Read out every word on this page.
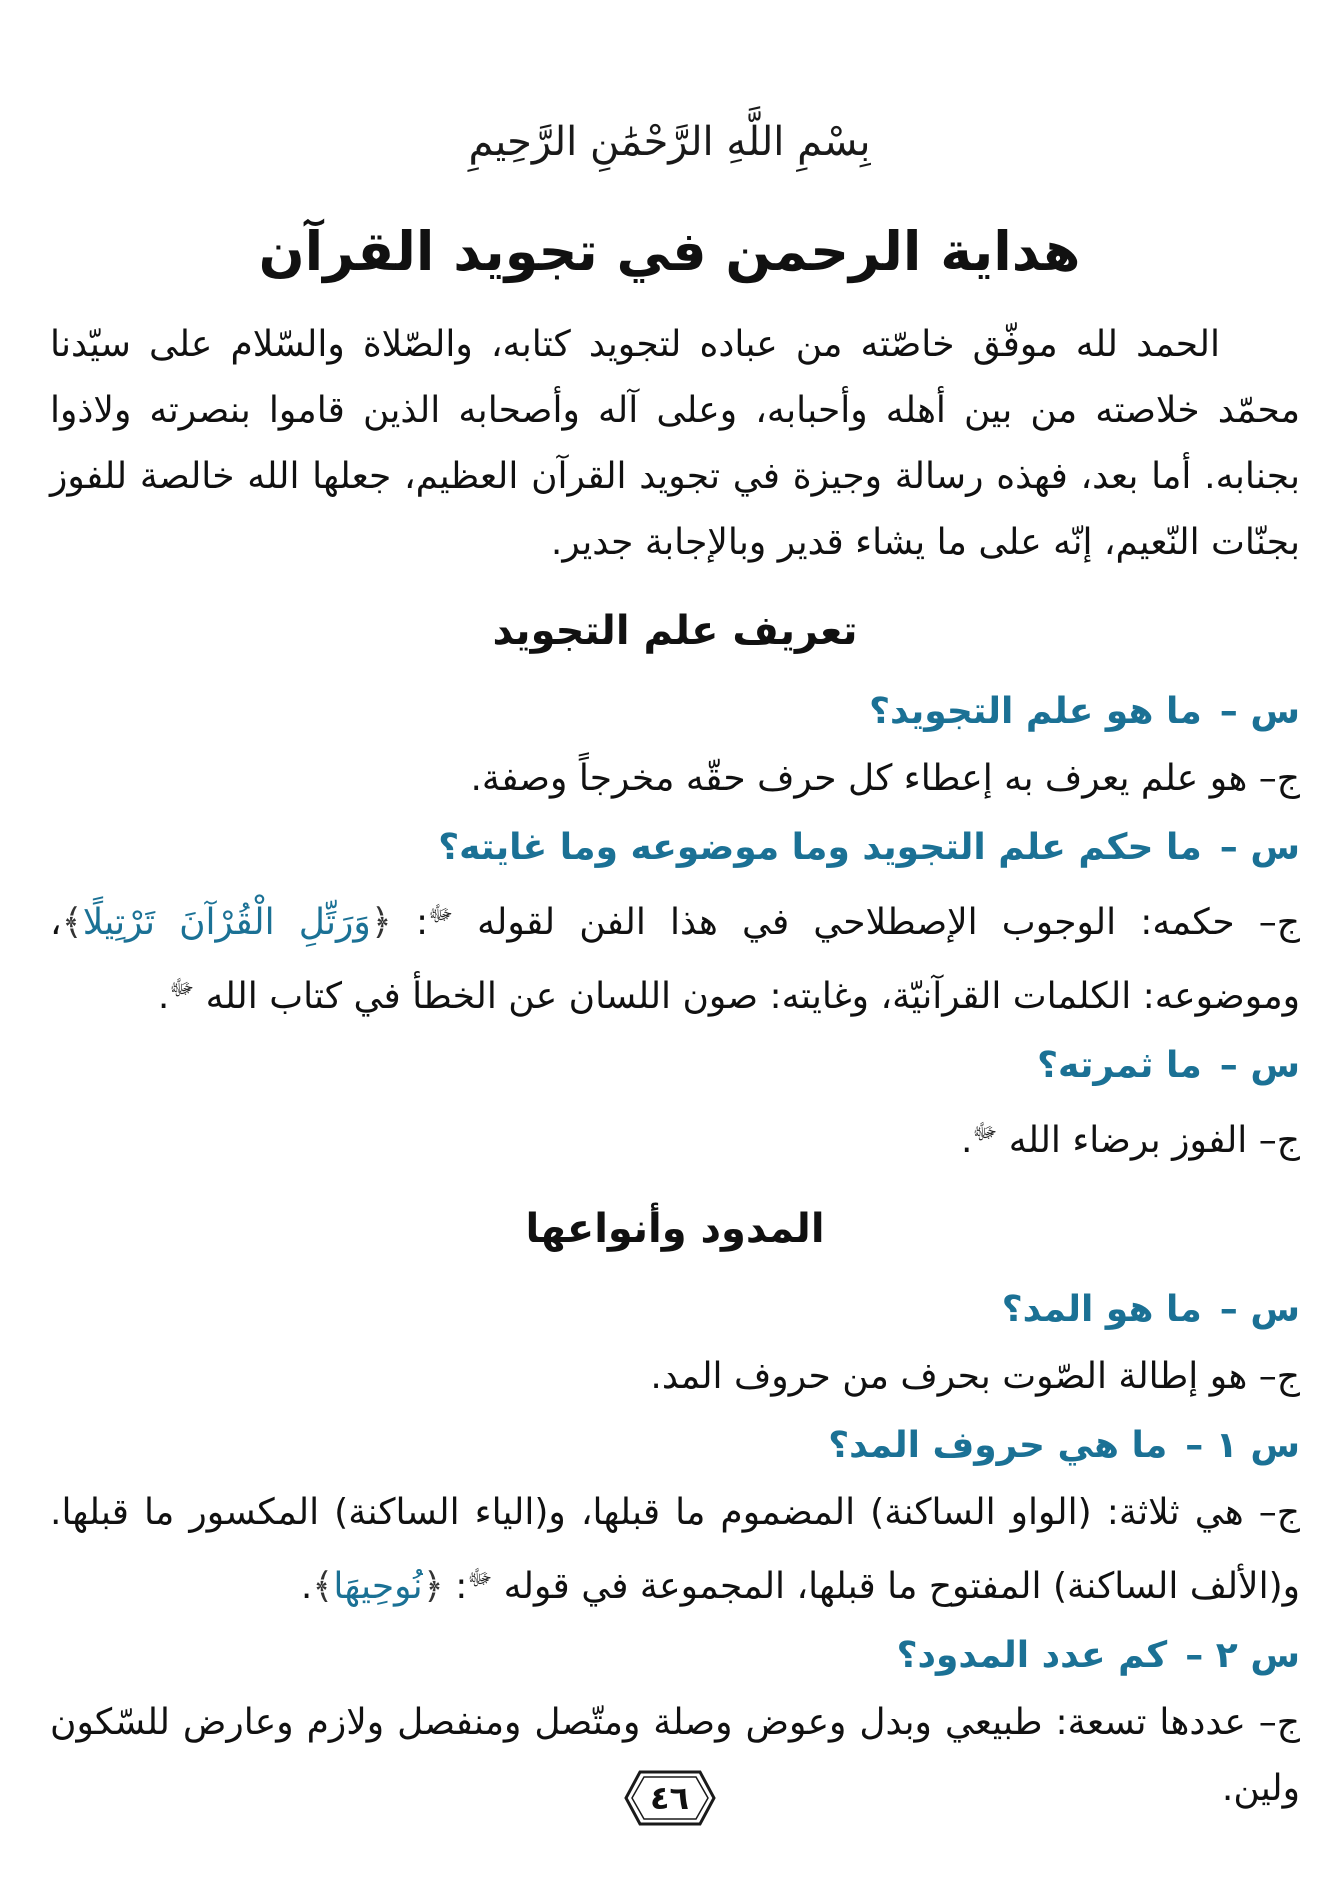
بِسْمِ اللَّهِ الرَّحْمَٰنِ الرَّحِيمِ
هداية الرحمن في تجويد القرآن

الحمد لله موفّق خاصّته من عباده لتجويد كتابه، والصّلاة والسّلام على سيّدنا محمّد خلاصته من بين أهله وأحبابه، وعلى آله وأصحابه الذين قاموا بنصرته ولاذوا بجنابه. أما بعد، فهذه رسالة وجيزة في تجويد القرآن العظيم، جعلها الله خالصة للفوز بجنّات النّعيم، إنّه على ما يشاء قدير وبالإجابة جدير.

تعريف علم التجويد
س –ما هو علم التجويد؟

ج– هو علم يعرف به إعطاء كل حرف حقّه مخرجاً وصفة.

س –ما حكم علم التجويد وما موضوعه وما غايته؟

ج– حكمه: الوجوب الإصطلاحي في هذا الفن لقوله $^ﷻ$: ﴿وَرَتِّلِ الْقُرْآنَ تَرْتِيلًا﴾، وموضوعه: الكلمات القرآنيّة، وغايته: صون اللسان عن الخطأ في كتاب الله $^ﷻ$.

س –ما ثمرته؟

ج– الفوز برضاء الله $^ﷻ$.

المدود وأنواعها
س –ما هو المد؟

ج– هو إطالة الصّوت بحرف من حروف المد.

س ١ –ما هي حروف المد؟

ج– هي ثلاثة: (الواو الساكنة) المضموم ما قبلها، و(الياء الساكنة) المكسور ما قبلها. و(الألف الساكنة) المفتوح ما قبلها، المجموعة في قوله $^ﷻ$: ﴿نُوحِيهَا﴾.

س ٢ –كم عدد المدود؟

ج– عددها تسعة: طبيعي وبدل وعوض وصلة ومتّصل ومنفصل ولازم وعارض للسّكون ولين.

٤٦
